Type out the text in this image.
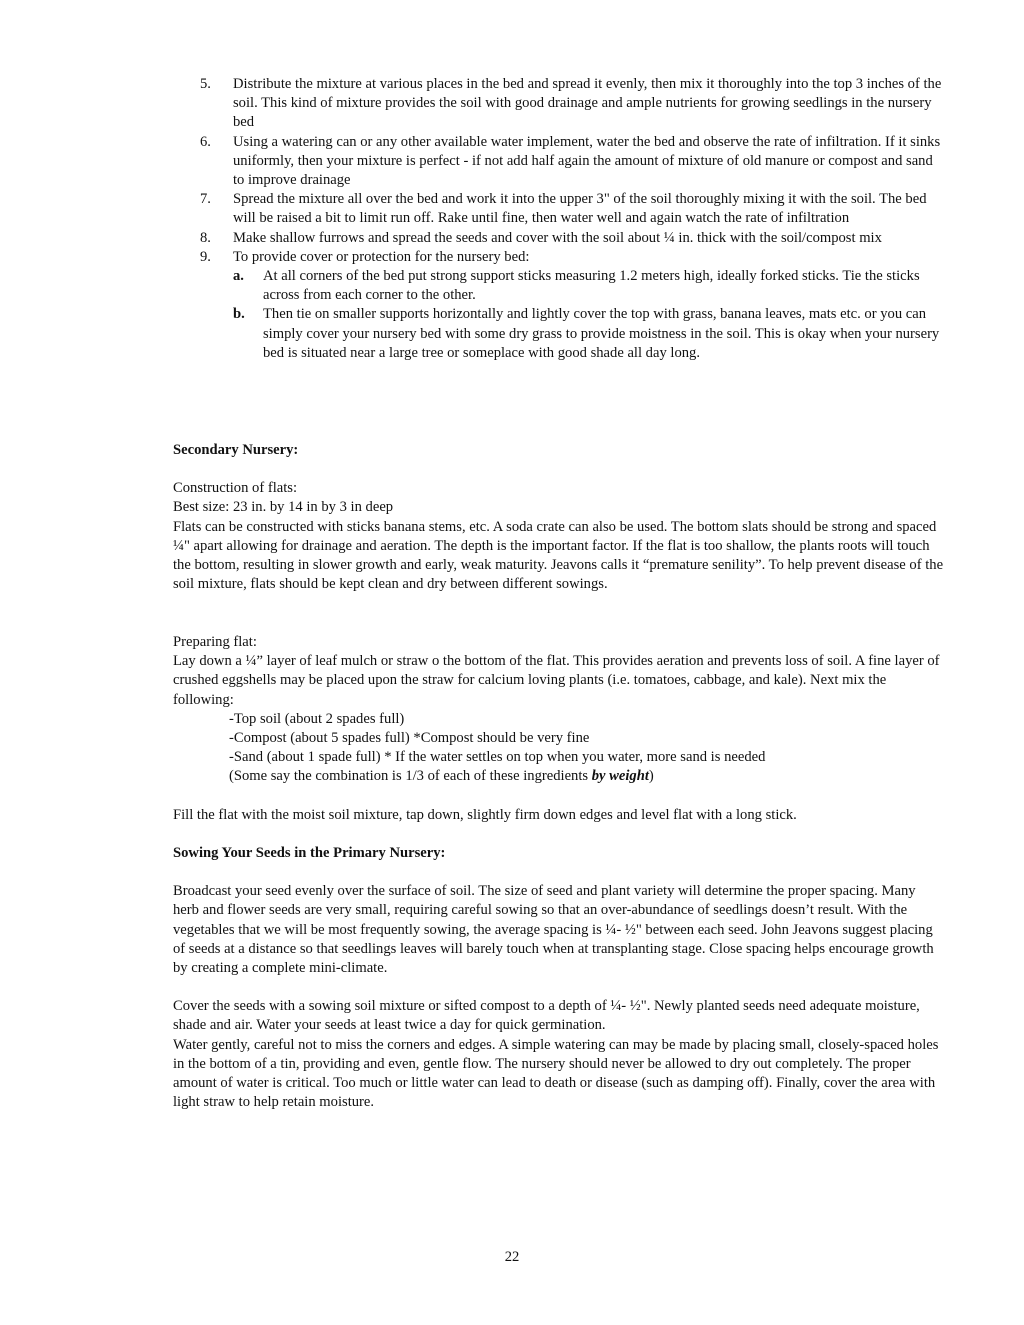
5.	Distribute the mixture at various places in the bed and spread it evenly, then mix it thoroughly into the top 3 inches of the soil. This kind of mixture provides the soil with good drainage and ample nutrients for growing seedlings in the nursery bed
6.	Using a watering can or any other available water implement, water the bed and observe the rate of infiltration. If it sinks uniformly, then your mixture is perfect - if not add half again the amount of mixture of old manure or compost and sand to improve drainage
7.	Spread the mixture all over the bed and work it into the upper 3" of the soil thoroughly mixing it with the soil. The bed will be raised a bit to limit run off. Rake until fine, then water well and again watch the rate of infiltration
8.	Make shallow furrows and spread the seeds and cover with the soil about ¼ in. thick with the soil/compost mix
9.	To provide cover or protection for the nursery bed:
a.	At all corners of the bed put strong support sticks measuring 1.2 meters high, ideally forked sticks. Tie the sticks across from each corner to the other.
b.	Then tie on smaller supports horizontally and lightly cover the top with grass, banana leaves, mats etc. or you can simply cover your nursery bed with some dry grass to provide moistness in the soil. This is okay when your nursery bed is situated near a large tree or someplace with good shade all day long.

Secondary Nursery:

Construction of flats:

Best size: 23 in. by 14 in by 3 in deep

Flats can be constructed with sticks banana stems, etc. A soda crate can also be used. The bottom slats should be strong and spaced ¼" apart allowing for drainage and aeration. The depth is the important factor. If the flat is too shallow, the plants roots will touch the bottom, resulting in slower growth and early, weak maturity. Jeavons calls it “premature senility”. To help prevent disease of the soil mixture, flats should be kept clean and dry between different sowings.

Preparing flat:

Lay down a ¼” layer of leaf mulch or straw o the bottom of the flat. This provides aeration and prevents loss of soil. A fine layer of crushed eggshells may be placed upon the straw for calcium loving plants (i.e. tomatoes, cabbage, and kale). Next mix the following:

-Top soil (about 2 spades full)

-Compost (about 5 spades full) *Compost should be very fine

-Sand (about 1 spade full) * If the water settles on top when you water, more sand is needed

(Some say the combination is 1/3 of each of these ingredients by weight)

Fill the flat with the moist soil mixture, tap down, slightly firm down edges and level flat with a long stick.

Sowing Your Seeds in the Primary Nursery:

Broadcast your seed evenly over the surface of soil. The size of seed and plant variety will determine the proper spacing. Many herb and flower seeds are very small, requiring careful sowing so that an over-abundance of seedlings doesn’t result. With the vegetables that we will be most frequently sowing, the average spacing is ¼- ½" between each seed. John Jeavons suggest placing of seeds at a distance so that seedlings leaves will barely touch when at transplanting stage. Close spacing helps encourage growth by creating a complete mini-climate.

Cover the seeds with a sowing soil mixture or sifted compost to a depth of ¼- ½". Newly planted seeds need adequate moisture, shade and air. Water your seeds at least twice a day for quick germination.

Water gently, careful not to miss the corners and edges. A simple watering can may be made by placing small, closely-spaced holes in the bottom of a tin, providing and even, gentle flow. The nursery should never be allowed to dry out completely. The proper amount of water is critical. Too much or little water can lead to death or disease (such as damping off). Finally, cover the area with light straw to help retain moisture.

22
